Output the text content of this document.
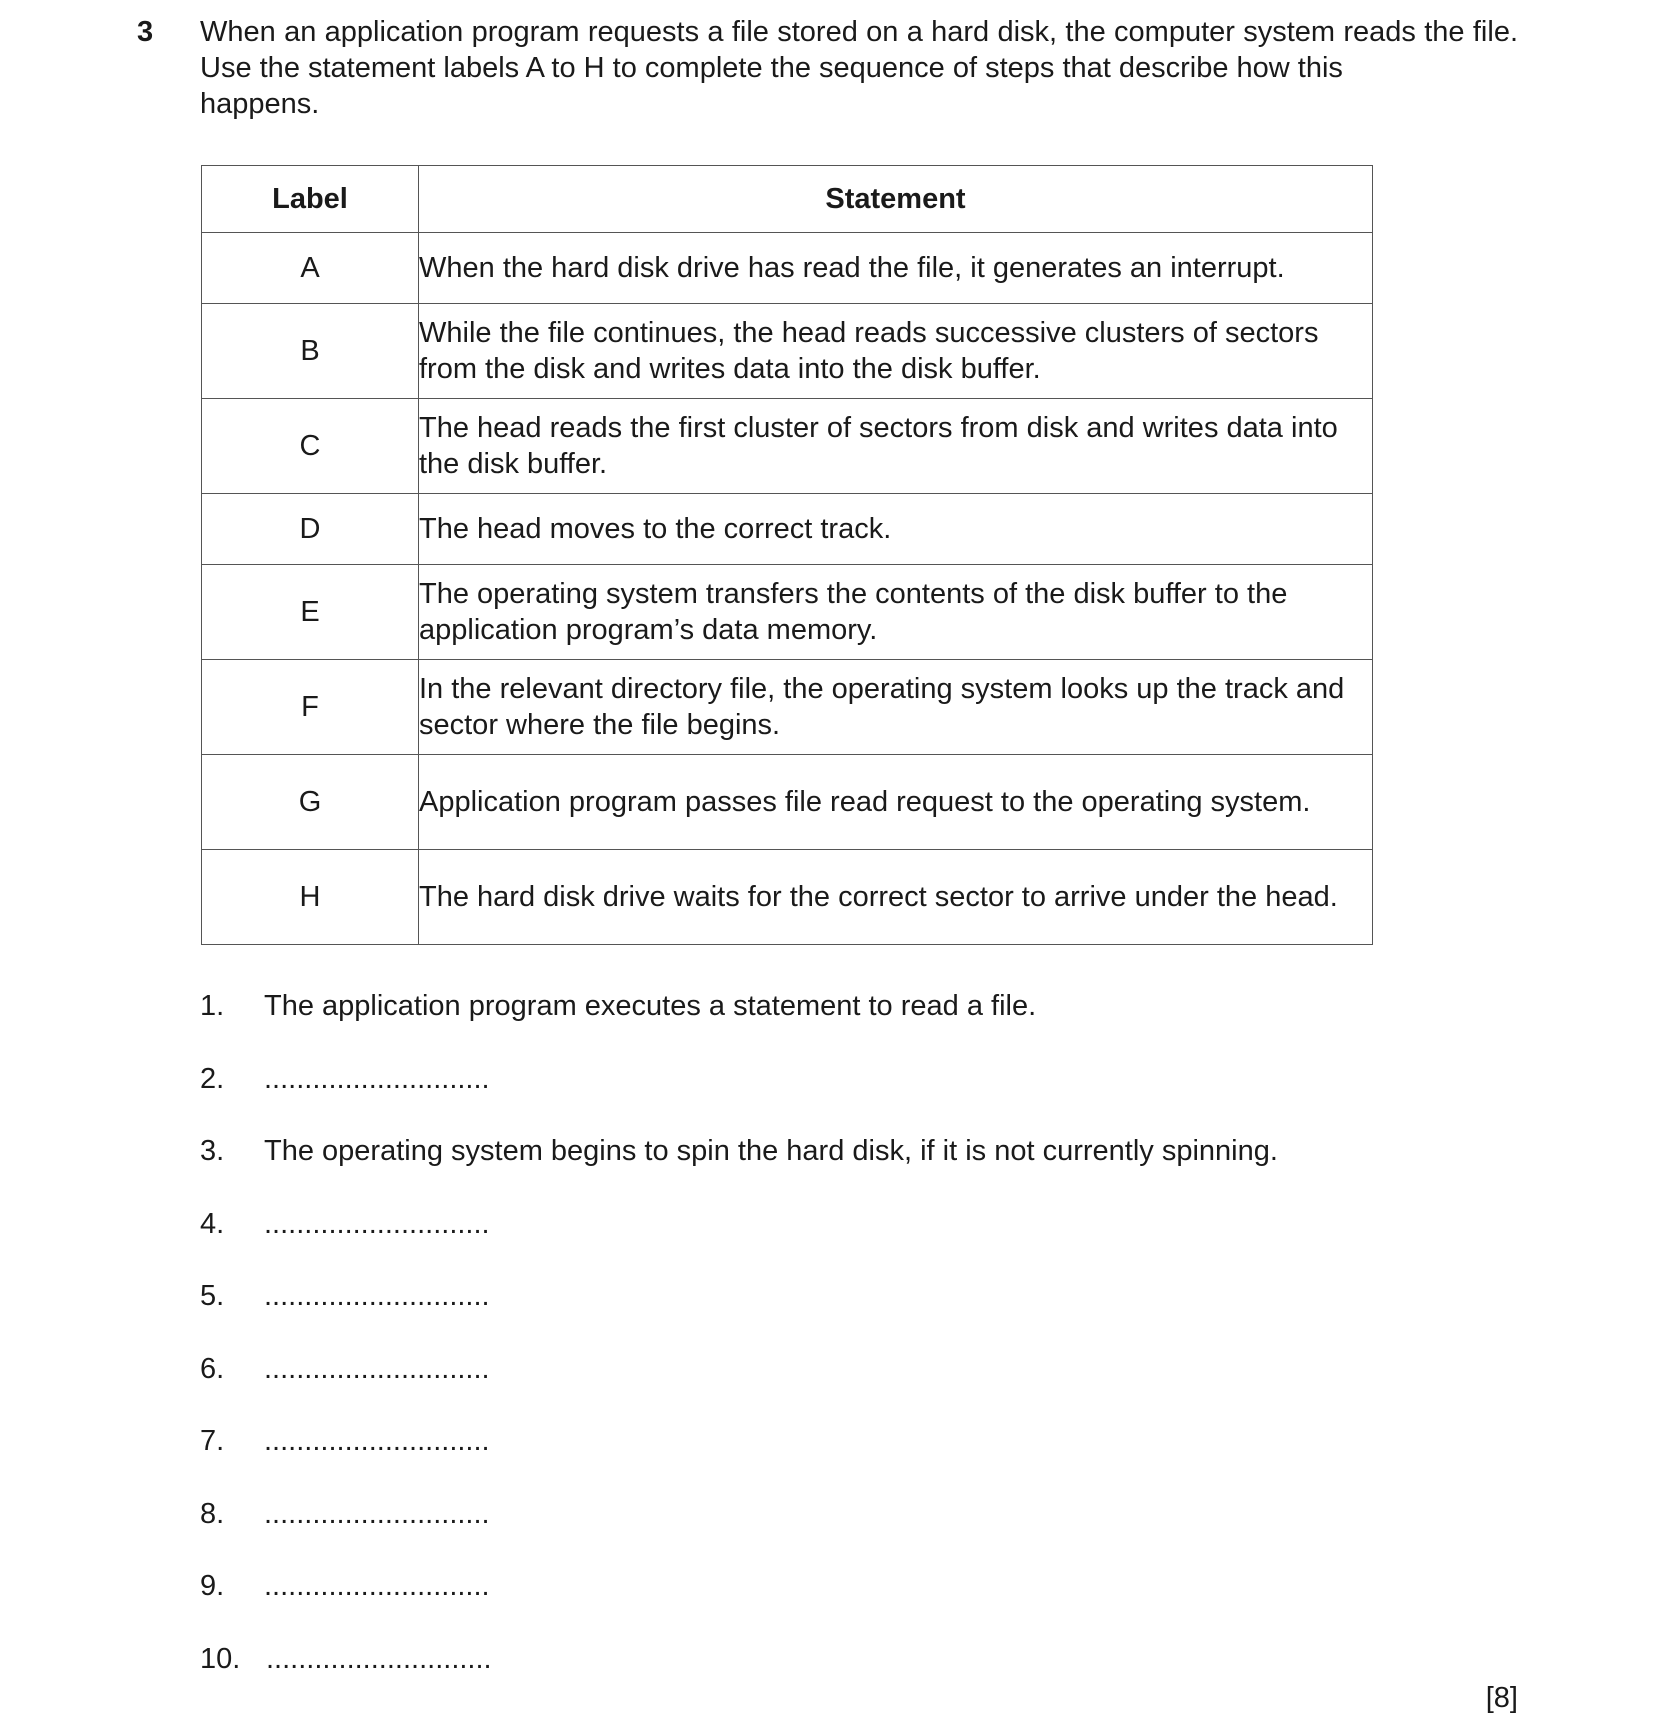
3 When an application program requests a file stored on a hard disk, the computer system reads the file. Use the statement labels A to H to complete the sequence of steps that describe how this
happens.
Label	Statement
A	When the hard disk drive has read the file, it generates an interrupt.
B	While the file continues, the head reads successive clusters of sectors from the disk and writes data into the disk buffer.
C	The head reads the first cluster of sectors from disk and writes data into the disk buffer.
D	The head moves to the correct track.
E	The operating system transfers the contents of the disk buffer to the application program’s data memory.
F	In the relevant directory file, the operating system looks up the track and sector where the file begins.
G	Application program passes file read request to the operating system.
H	The hard disk drive waits for the correct sector to arrive under the head.
1.	The application program executes a statement to read a file.
2.	............................
3.	The operating system begins to spin the hard disk, if it is not currently spinning.
4.	............................
5.	............................
6.	............................
7.	............................
8.	............................
9.	............................
10. ............................
[8]
